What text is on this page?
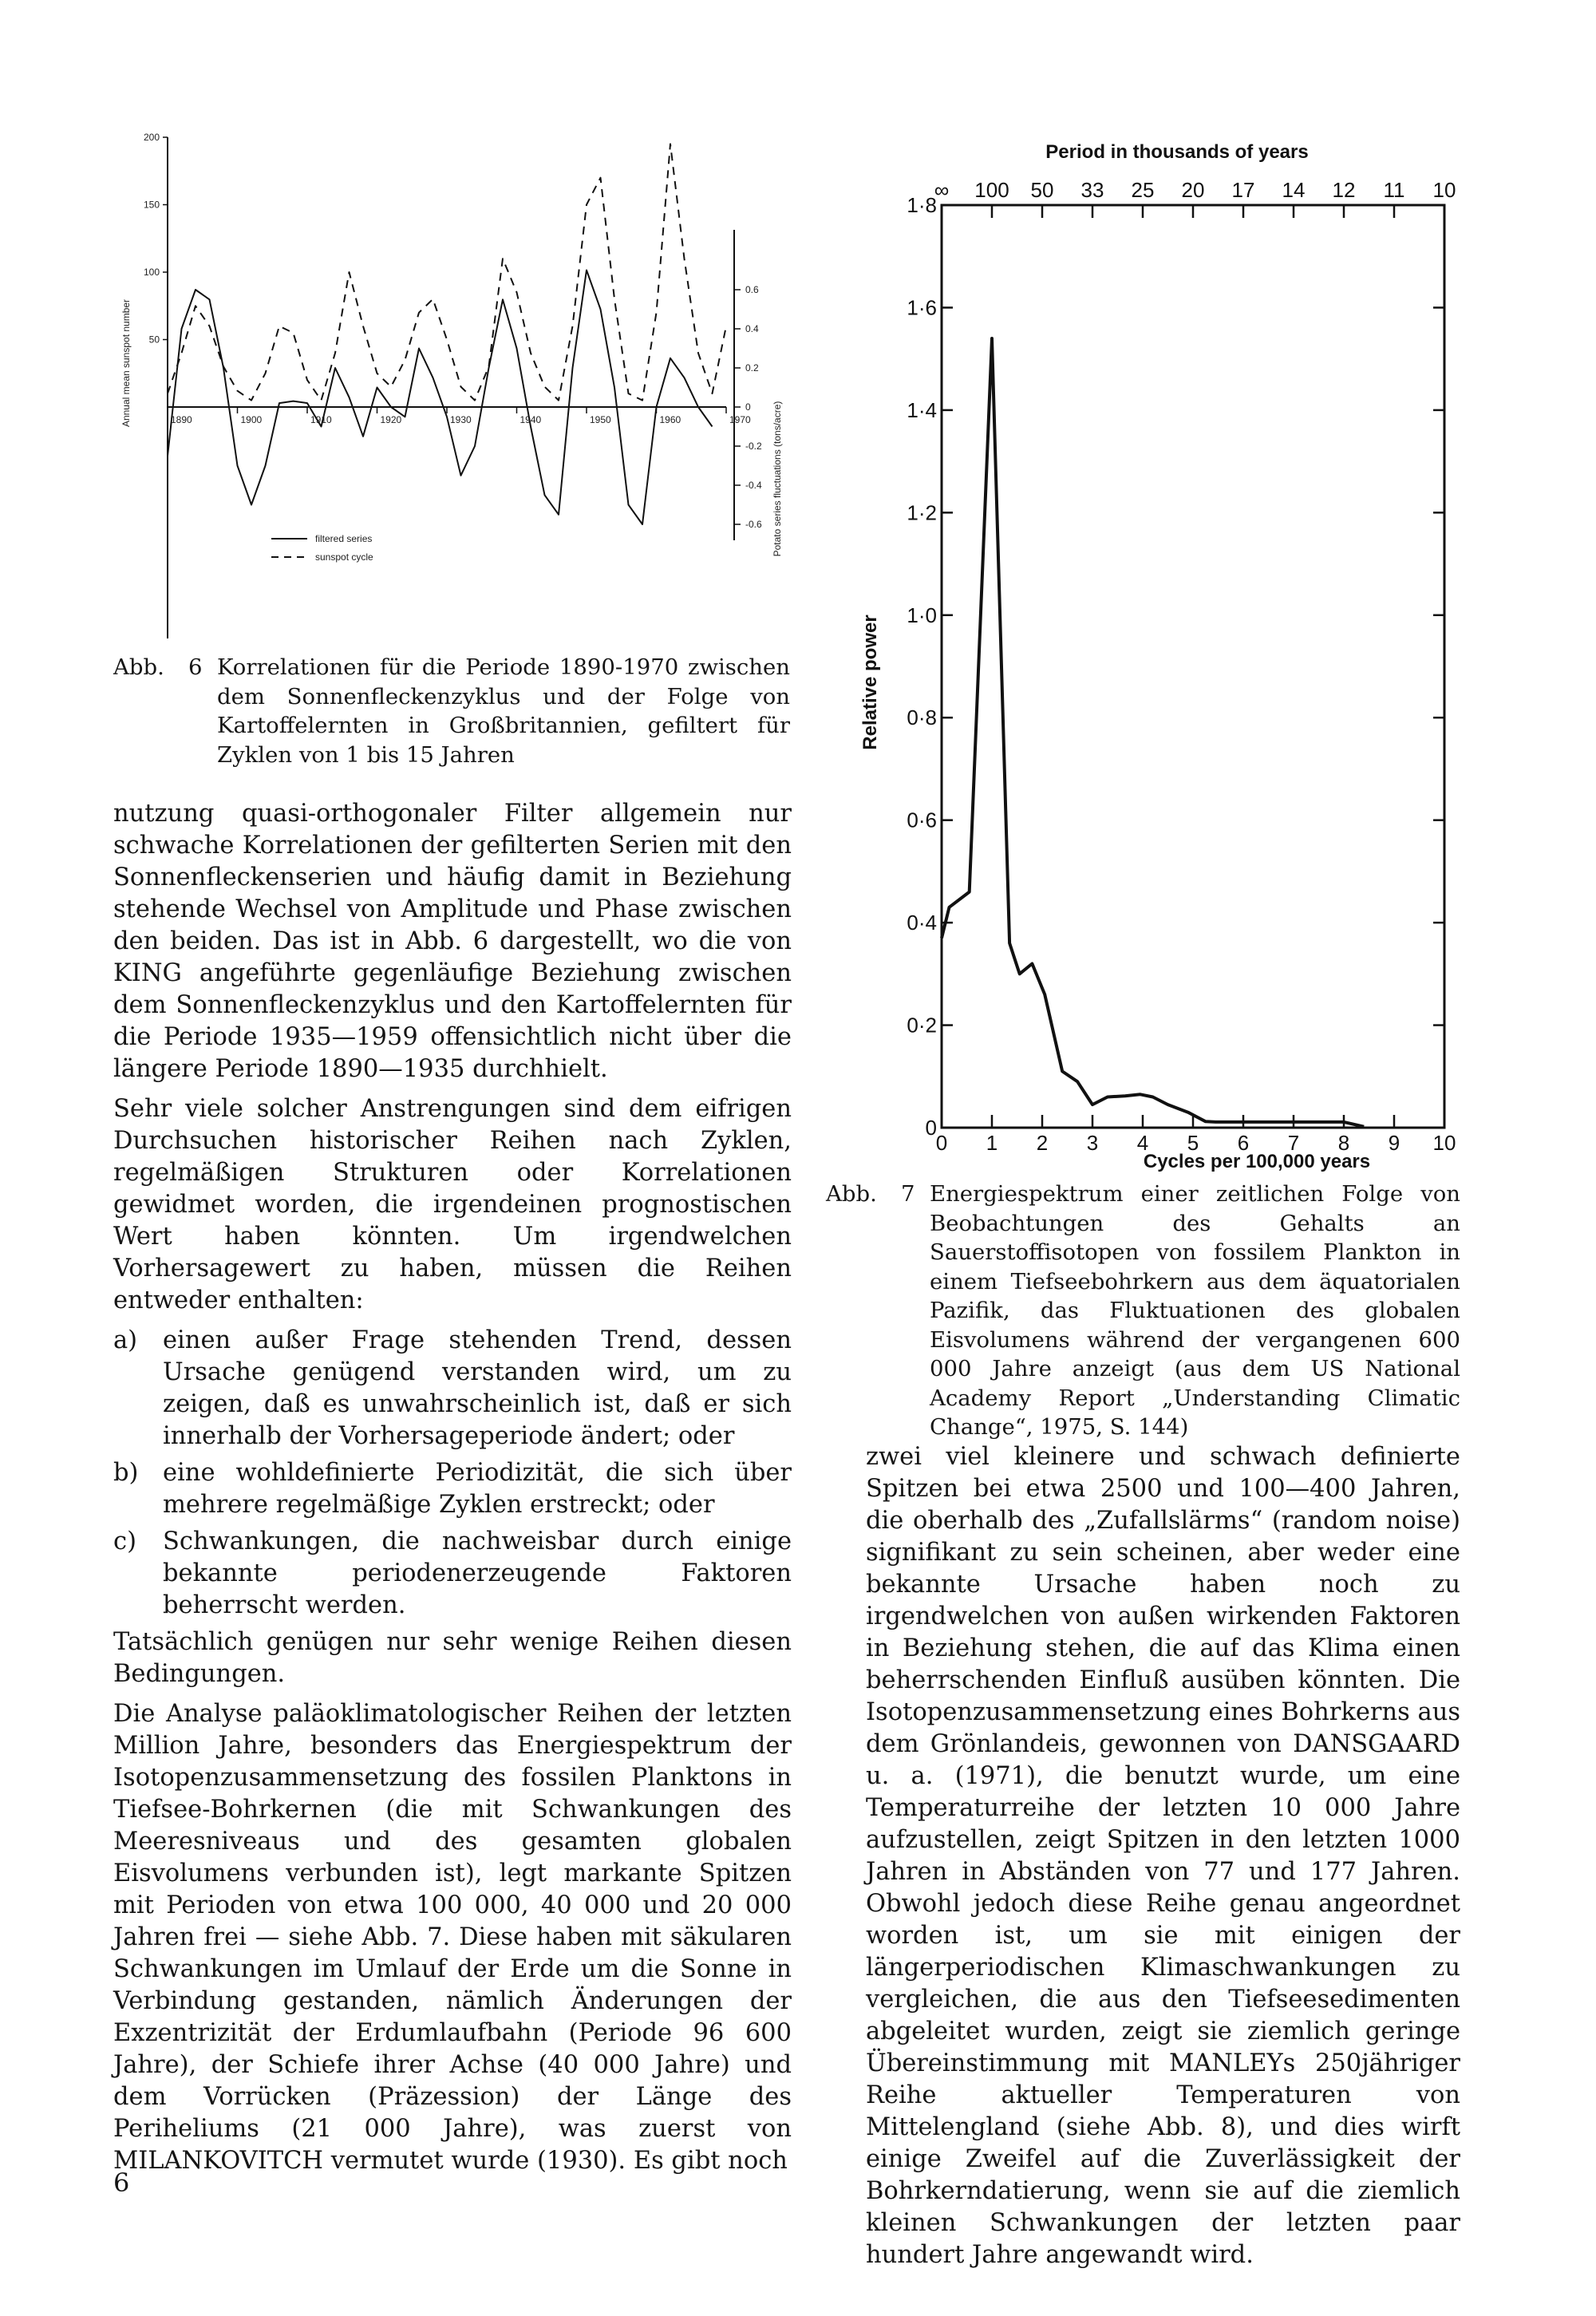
50
100
150
200
0.6
0.4
0.2
0
-0.2
-0.4
-0.6
1890	1900	1910	1920	1930	1940	1950	1960	1970
filtered series
sunspot cycle
Annual mean sunspot number
Potato series fluctuations (tons/acre)
Abb.	6 Korrelationen für die Periode 1890-1970 zwischen dem Sonnenfleckenzyklus und der Folge von Kartoffelernten in Großbritannien, gefiltert für Zyklen von 1 bis 15 Jahren
Period in thousands of years
0
0·2
0·4
0·6
0·8
1·0
1·2
1·4
1·6
1·8
0 1 2 3 4 5 6 7 8 9 10
∞ 100 50 33 25 20 17 14 12 11 10
Cycles per 100,000 years
Relative power
Abb.	7 Energiespektrum einer zeitlichen Folge von Beobachtungen des Gehalts an Sauerstoffisotopen von fossilem Plankton in einem Tiefseebohrkern aus dem äquatorialen Pazifik, das Fluktuationen des globalen Eisvolumens während der vergangenen 600 000 Jahre anzeigt (aus dem US National Academy Report „Understanding Climatic Change“, 1975, S. 144)

nutzung quasi-orthogonaler Filter allgemein nur schwache Korrelationen der gefilterten Serien mit den Sonnenfleckenserien und häufig damit in Beziehung stehende Wechsel von Amplitude und Phase zwischen den beiden. Das ist in Abb. 6 dargestellt, wo die von KING angeführte gegenläufige Beziehung zwischen dem Sonnenfleckenzyklus und den Kartoffelernten für die Periode 1935—1959 offensichtlich nicht über die längere Periode 1890—1935 durchhielt.

Sehr viele solcher Anstrengungen sind dem eifrigen Durchsuchen historischer Reihen nach Zyklen, regelmäßigen Strukturen oder Korrelationen gewidmet worden, die irgendeinen prognostischen Wert haben könnten. Um irgendwelchen Vorhersagewert zu haben, müssen die Reihen entweder enthalten:

a) einen außer Frage stehenden Trend, dessen Ursache genügend verstanden wird, um zu zeigen, daß es unwahrscheinlich ist, daß er sich innerhalb der Vorhersageperiode ändert; oder
b) eine wohldefinierte Periodizität, die sich über mehrere regelmäßige Zyklen erstreckt; oder
c) Schwankungen, die nachweisbar durch einige bekannte periodenerzeugende Faktoren beherrscht werden.

Tatsächlich genügen nur sehr wenige Reihen diesen Bedingungen.

Die Analyse paläoklimatologischer Reihen der letzten Million Jahre, besonders das Energiespektrum der Isotopenzusammensetzung des fossilen Planktons in Tiefsee-Bohrkernen (die mit Schwankungen des Meeresniveaus und des gesamten globalen Eisvolumens verbunden ist), legt markante Spitzen mit Perioden von etwa 100 000, 40 000 und 20 000 Jahren frei — siehe Abb. 7. Diese haben mit säkularen Schwankungen im Umlauf der Erde um die Sonne in Verbindung gestanden, nämlich Änderungen der Exzentrizität der Erdumlaufbahn (Periode 96 600 Jahre), der Schiefe ihrer Achse (40 000 Jahre) und dem Vorrücken (Präzession) der Länge des Periheliums (21 000 Jahre), was zuerst von MILANKOVITCH vermutet wurde (1930). Es gibt noch

zwei viel kleinere und schwach definierte Spitzen bei etwa 2500 und 100—400 Jahren, die oberhalb des „Zufallslärms“ (random noise) signifikant zu sein scheinen, aber weder eine bekannte Ursache haben noch zu irgendwelchen von außen wirkenden Faktoren in Beziehung stehen, die auf das Klima einen beherrschenden Einfluß ausüben könnten. Die Isotopenzusammensetzung eines Bohrkerns aus dem Grönlandeis, gewonnen von DANSGAARD u. a. (1971), die benutzt wurde, um eine Temperaturreihe der letzten 10 000 Jahre aufzustellen, zeigt Spitzen in den letzten 1000 Jahren in Abständen von 77 und 177 Jahren. Obwohl jedoch diese Reihe genau angeordnet worden ist, um sie mit einigen der längerperiodischen Klimaschwankungen zu vergleichen, die aus den Tiefseesedimenten abgeleitet wurden, zeigt sie ziemlich geringe Übereinstimmung mit MANLEYs 250jähriger Reihe aktueller Temperaturen von Mittelengland (siehe Abb. 8), und dies wirft einige Zweifel auf die Zuverlässigkeit der Bohrkerndatierung, wenn sie auf die ziemlich kleinen Schwankungen der letzten paar hundert Jahre angewandt wird.

6
